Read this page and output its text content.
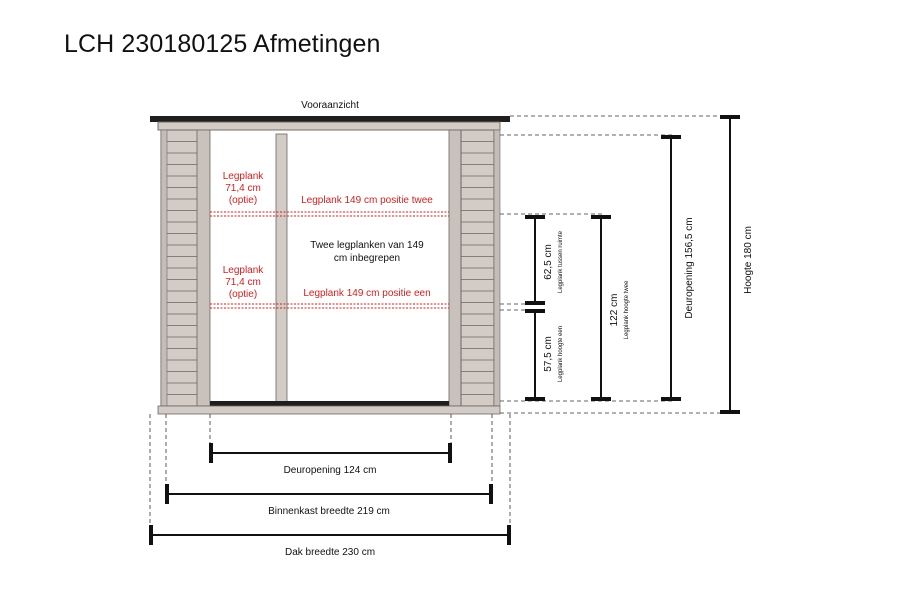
LCH 230180125 Afmetingen
Vooraanzicht
Legplank
71,4 cm
(optie)	Legplank 149 cm positie twee
Legplank
71,4 cm
(optie)	Legplank 149 cm positie een
Twee legplanken van 149
cm inbegrepen	62,5 cm Legplank tussen ruimte
57,5 cm Legplank hoogte een
122 cm Legplank hoogte twee	Deuropening 156,5 cm	Hoogte 180 cm
Deuropening 124 cm
Binnenkast breedte 219 cm
Dak breedte 230 cm
